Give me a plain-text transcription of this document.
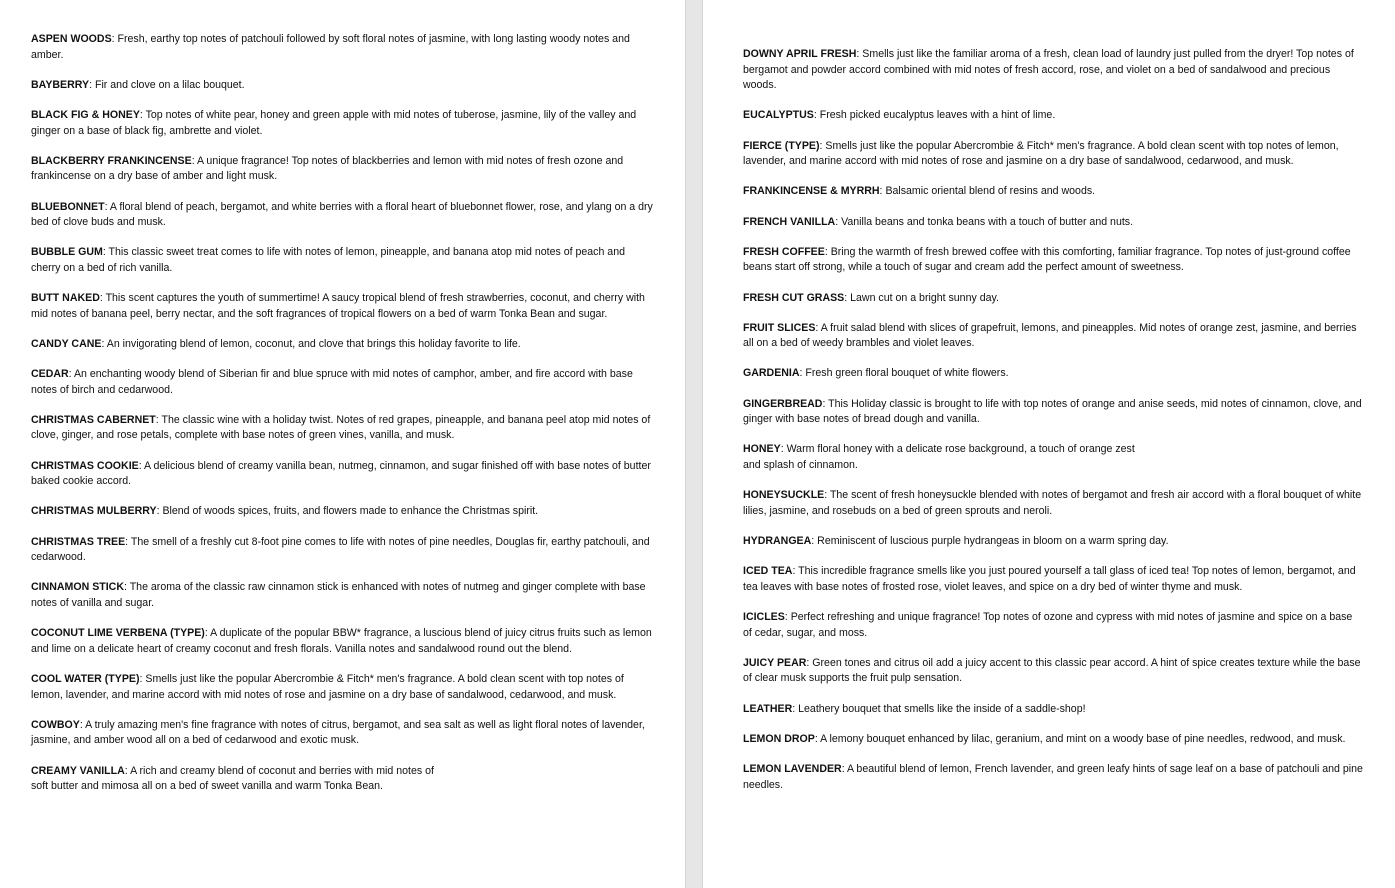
ASPEN WOODS: Fresh, earthy top notes of patchouli followed by soft floral notes of jasmine, with long lasting woody notes and amber.
BAYBERRY: Fir and clove on a lilac bouquet.
BLACK FIG & HONEY: Top notes of white pear, honey and green apple with mid notes of tuberose, jasmine, lily of the valley and ginger on a base of black fig, ambrette and violet.
BLACKBERRY FRANKINCENSE: A unique fragrance! Top notes of blackberries and lemon with mid notes of fresh ozone and frankincense on a dry base of amber and light musk.
BLUEBONNET: A floral blend of peach, bergamot, and white berries with a floral heart of bluebonnet flower, rose, and ylang on a dry bed of clove buds and musk.
BUBBLE GUM: This classic sweet treat comes to life with notes of lemon, pineapple, and banana atop mid notes of peach and cherry on a bed of rich vanilla.
BUTT NAKED: This scent captures the youth of summertime! A saucy tropical blend of fresh strawberries, coconut, and cherry with mid notes of banana peel, berry nectar, and the soft fragrances of tropical flowers on a bed of warm Tonka Bean and sugar.
CANDY CANE: An invigorating blend of lemon, coconut, and clove that brings this holiday favorite to life.
CEDAR: An enchanting woody blend of Siberian fir and blue spruce with mid notes of camphor, amber, and fire accord with base notes of birch and cedarwood.
CHRISTMAS CABERNET: The classic wine with a holiday twist. Notes of red grapes, pineapple, and banana peel atop mid notes of clove, ginger, and rose petals, complete with base notes of green vines, vanilla, and musk.
CHRISTMAS COOKIE: A delicious blend of creamy vanilla bean, nutmeg, cinnamon, and sugar finished off with base notes of butter baked cookie accord.
CHRISTMAS MULBERRY: Blend of woods spices, fruits, and flowers made to enhance the Christmas spirit.
CHRISTMAS TREE: The smell of a freshly cut 8-foot pine comes to life with notes of pine needles, Douglas fir, earthy patchouli, and cedarwood.
CINNAMON STICK: The aroma of the classic raw cinnamon stick is enhanced with notes of nutmeg and ginger complete with base notes of vanilla and sugar.
COCONUT LIME VERBENA (TYPE): A duplicate of the popular BBW* fragrance, a luscious blend of juicy citrus fruits such as lemon and lime on a delicate heart of creamy coconut and fresh florals. Vanilla notes and sandalwood round out the blend.
COOL WATER (TYPE): Smells just like the popular Abercrombie & Fitch* men's fragrance. A bold clean scent with top notes of lemon, lavender, and marine accord with mid notes of rose and jasmine on a dry base of sandalwood, cedarwood, and musk.
COWBOY: A truly amazing men's fine fragrance with notes of citrus, bergamot, and sea salt as well as light floral notes of lavender, jasmine, and amber wood all on a bed of cedarwood and exotic musk.
CREAMY VANILLA: A rich and creamy blend of coconut and berries with mid notes of
soft butter and mimosa all on a bed of sweet vanilla and warm Tonka Bean.
DOWNY APRIL FRESH: Smells just like the familiar aroma of a fresh, clean load of laundry just pulled from the dryer! Top notes of bergamot and powder accord combined with mid notes of fresh accord, rose, and violet on a bed of sandalwood and precious woods.
EUCALYPTUS: Fresh picked eucalyptus leaves with a hint of lime.
FIERCE (TYPE): Smells just like the popular Abercrombie & Fitch* men's fragrance. A bold clean scent with top notes of lemon, lavender, and marine accord with mid notes of rose and jasmine on a dry base of sandalwood, cedarwood, and musk.
FRANKINCENSE & MYRRH: Balsamic oriental blend of resins and woods.
FRENCH VANILLA: Vanilla beans and tonka beans with a touch of butter and nuts.
FRESH COFFEE: Bring the warmth of fresh brewed coffee with this comforting, familiar fragrance. Top notes of just-ground coffee beans start off strong, while a touch of sugar and cream add the perfect amount of sweetness.
FRESH CUT GRASS: Lawn cut on a bright sunny day.
FRUIT SLICES: A fruit salad blend with slices of grapefruit, lemons, and pineapples. Mid notes of orange zest, jasmine, and berries all on a bed of weedy brambles and violet leaves.
GARDENIA: Fresh green floral bouquet of white flowers.
GINGERBREAD: This Holiday classic is brought to life with top notes of orange and anise seeds, mid notes of cinnamon, clove, and ginger with base notes of bread dough and vanilla.
HONEY: Warm floral honey with a delicate rose background, a touch of orange zest
and splash of cinnamon.
HONEYSUCKLE: The scent of fresh honeysuckle blended with notes of bergamot and fresh air accord with a floral bouquet of white lilies, jasmine, and rosebuds on a bed of green sprouts and neroli.
HYDRANGEA: Reminiscent of luscious purple hydrangeas in bloom on a warm spring day.
ICED TEA: This incredible fragrance smells like you just poured yourself a tall glass of iced tea! Top notes of lemon, bergamot, and tea leaves with base notes of frosted rose, violet leaves, and spice on a dry bed of winter thyme and musk.
ICICLES: Perfect refreshing and unique fragrance! Top notes of ozone and cypress with mid notes of jasmine and spice on a base of cedar, sugar, and moss.
JUICY PEAR: Green tones and citrus oil add a juicy accent to this classic pear accord. A hint of spice creates texture while the base of clear musk supports the fruit pulp sensation.
LEATHER: Leathery bouquet that smells like the inside of a saddle-shop!
LEMON DROP: A lemony bouquet enhanced by lilac, geranium, and mint on a woody base of pine needles, redwood, and musk.
LEMON LAVENDER: A beautiful blend of lemon, French lavender, and green leafy hints of sage leaf on a base of patchouli and pine needles.
